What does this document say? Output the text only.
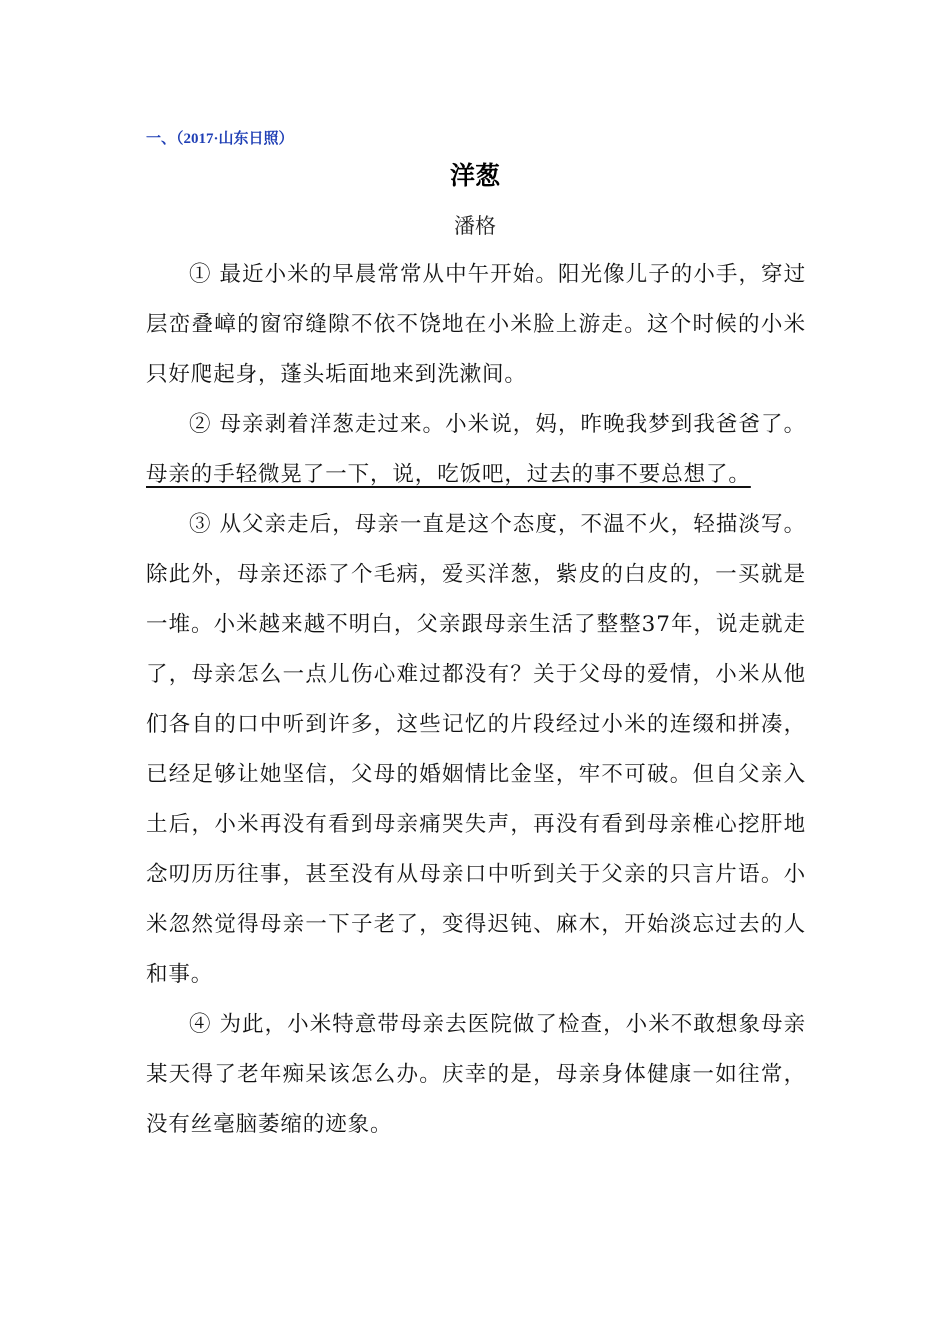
一、（2017·山东日照）
洋葱
潘格

① 最近小米的早晨常常从中午开始。阳光像儿子的小手，穿过层峦叠嶂的窗帘缝隙不依不饶地在小米脸上游走。这个时候的小米只好爬起身，蓬头垢面地来到洗漱间。

② 母亲剥着洋葱走过来。小米说，妈，昨晚我梦到我爸爸了。母亲的手轻微晃了一下，说，吃饭吧，过去的事不要总想了。

③ 从父亲走后，母亲一直是这个态度，不温不火，轻描淡写。除此外，母亲还添了个毛病，爱买洋葱，紫皮的白皮的，一买就是一堆。小米越来越不明白，父亲跟母亲生活了整整37年，说走就走了，母亲怎么一点儿伤心难过都没有？关于父母的爱情，小米从他们各自的口中听到许多，这些记忆的片段经过小米的连缀和拼凑，已经足够让她坚信，父母的婚姻情比金坚，牢不可破。但自父亲入土后，小米再没有看到母亲痛哭失声，再没有看到母亲椎心挖肝地念叨历历往事，甚至没有从母亲口中听到关于父亲的只言片语。小米忽然觉得母亲一下子老了，变得迟钝、麻木，开始淡忘过去的人和事。

④ 为此，小米特意带母亲去医院做了检查，小米不敢想象母亲某天得了老年痴呆该怎么办。庆幸的是，母亲身体健康一如往常，没有丝毫脑萎缩的迹象。
